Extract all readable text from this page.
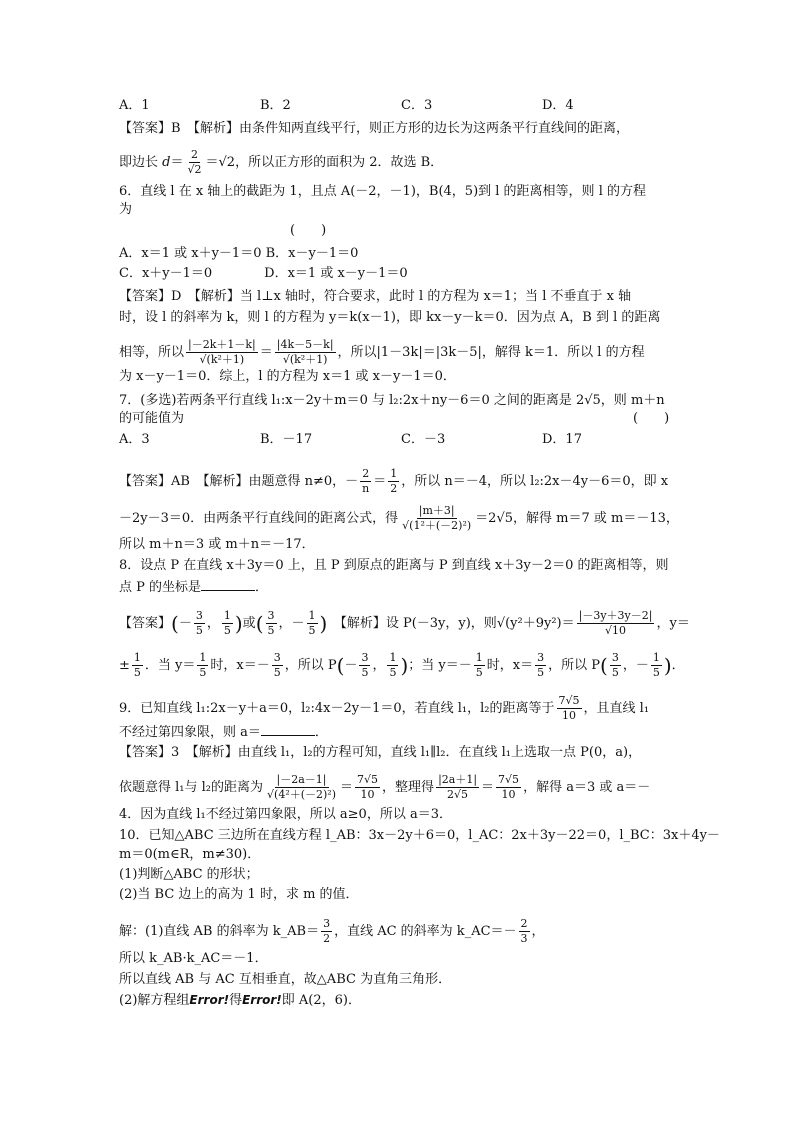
A．1	B．2	C．3	D．4
【答案】B　【解析】由条件知两直线平行，则正方形的边长为这两条平行直线间的距离，
即边长 $d= \frac{2}{√2} =√2$，所以正方形的面积为 2．故选 B．
6．直线 l 在 x 轴上的截距为 1，且点 A(－2，－1)，B(4，5)到 l 的距离相等，则 l 的方程
为
(　　)
A．x＝1 或 x＋y－1＝0 B．x－y－1＝0
C．x＋y－1＝0　　　　D．x＝1 或 x－y－1＝0
【答案】D　【解析】当 l⊥x 轴时，符合要求，此时 l 的方程为 x＝1；当 l 不垂直于 x 轴
时，设 l 的斜率为 k，则 l 的方程为 y＝k(x－1)，即 kx－y－k＝0．因为点 A，B 到 l 的距离
相等，所以 $\frac{|-2k+1-k|}{\text{√(k²＋1)}} = \frac{|4k-5-k|}{\text{√(k²＋1)}}$ ，所以|1－3k|＝|3k－5|，解得 k＝1．所以 l 的方程
为 x－y－1＝0．综上，l 的方程为 x＝1 或 x－y－1＝0．
7．(多选)若两条平行直线 l₁:x－2y＋m＝0 与 l₂:2x＋ny－6＝0 之间的距离是 2√5，则 m＋n
的可能值为	(　　)
A．3	B．－17	C．－3	D．17
【答案】AB　【解析】由题意得 n≠0，－ $\frac{2}{n} = \frac{1}{2}$ ，所以 n＝－4，所以 l₂:2x－4y－6＝0，即 x
－2y－3＝0．由两条平行直线间的距离公式，得 $\frac{|m+3|}{\text{√(1²＋(－2)²)}} =2√5$，解得 m＝7 或 m＝－13，
所以 m＋n＝3 或 m＋n＝－17．
8．设点 P 在直线 x＋3y＝0 上，且 P 到原点的距离与 P 到直线 x＋3y－2＝0 的距离相等，则
点 P 的坐标是	．
【答案】(－ $\frac{3}{5}$ ， $\frac{1}{5}$ )或( $\frac{3}{5}$ ，－ $\frac{1}{5}$ )　【解析】设 P(－3y，y)，则$√(y^2+9y^2)= \frac{|-3y+3y-2|}{√10}$ ，y＝
± $\frac{1}{5}$ ．当 $y= \frac{1}{5}$ 时，$x=- \frac{3}{5}$ ，所以 $P(- \frac{3}{5}$ ， $\frac{1}{5}$ )；当 $y=- \frac{1}{5}$ 时，$x= \frac{3}{5}$ ，所以 $P( \frac{3}{5}$ ，－ $\frac{1}{5}$ )．
9．已知直线 l₁:2x－y＋a＝0，l₂:4x－2y－1＝0，若直线 l₁，l₂的距离等于 $\frac{7√5}{10}$ ，且直线 l₁
不经过第四象限，则 a＝	．
【答案】3　【解析】由直线 l₁，l₂的方程可知，直线 l₁∥l₂．在直线 l₁上选取一点 P(0，a)，
依题意得 l₁与 l₂的距离为 $\frac{|-2a-1|}{\text{√(4²＋(－2)²)}} = \frac{7√5}{10}$ ，整理得 $\frac{|2a+1|}{2√5} = \frac{7√5}{10}$ ，解得 a＝3 或 a＝－
4．因为直线 l₁不经过第四象限，所以 a≥0，所以 a＝3．
10．已知△ABC 三边所在直线方程 l_AB：3x－2y＋6＝0，l_AC：2x＋3y－22＝0，l_BC：3x＋4y－
m＝0(m∈R，m≠30)．
(1)判断△ABC 的形状；
(2)当 BC 边上的高为 1 时，求 m 的值．
解：(1)直线 AB 的斜率为 k_AB＝ $\frac{3}{2}$ ，直线 AC 的斜率为 k_AC＝－ $\frac{2}{3}$ ，
所以 k_AB·k_AC＝－1．
所以直线 AB 与 AC 互相垂直，故△ABC 为直角三角形．
(2)解方程组Error!得Error!即 A(2，6)．
